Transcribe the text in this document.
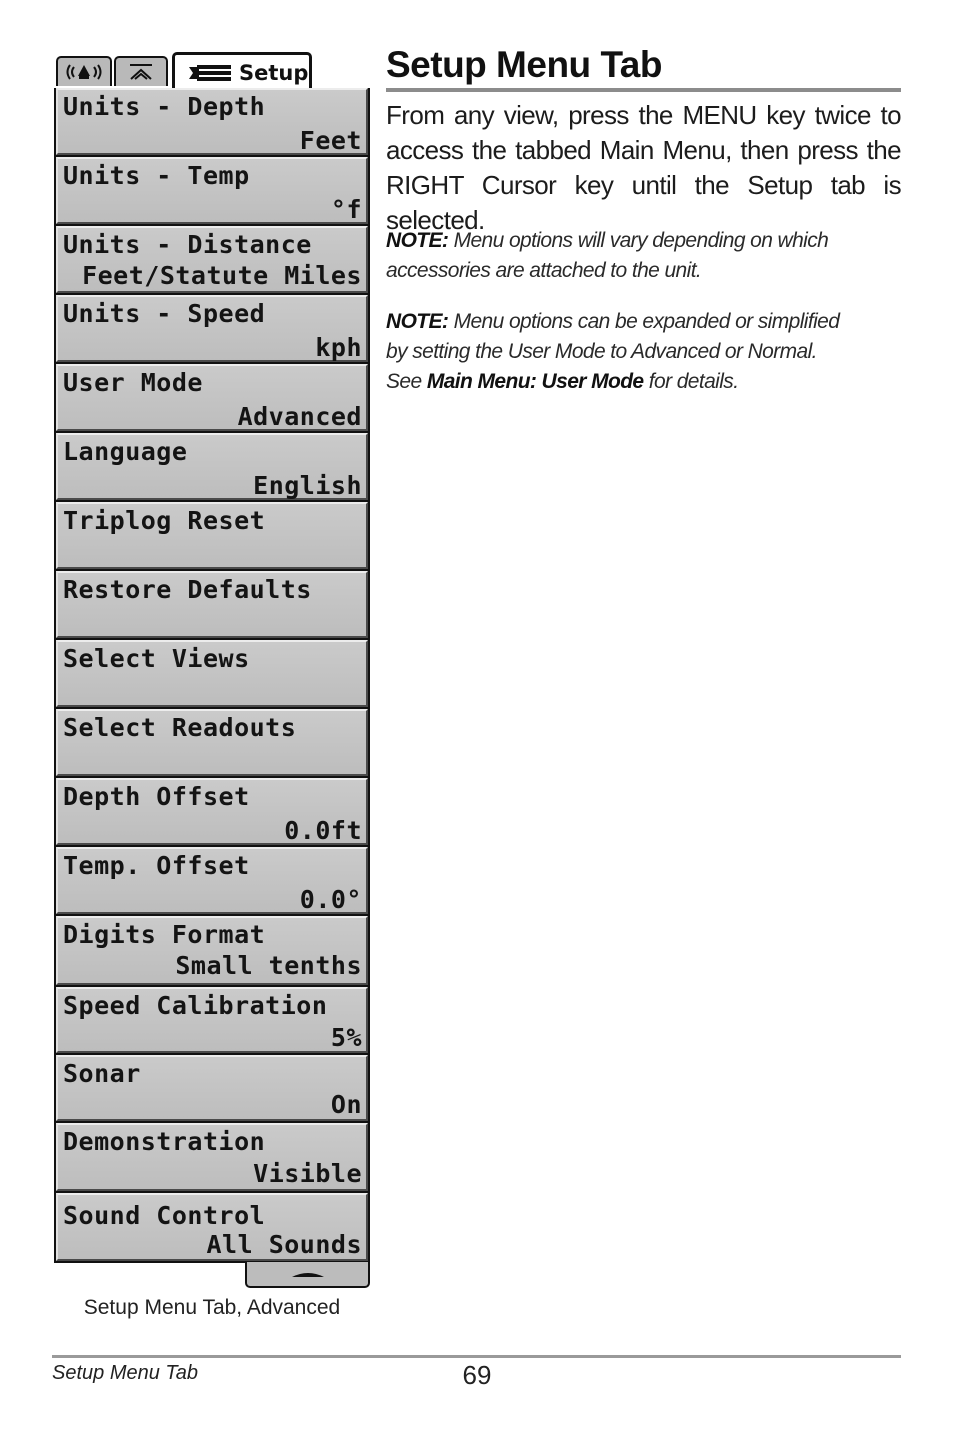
Setup
Units - Depth
Feet
Units - Temp
°f
Units - Distance
Feet/Statute Miles
Units - Speed
kph
User Mode
Advanced
Language
English
Triplog Reset
Restore Defaults
Select Views
Select Readouts
Depth Offset
0.0ft
Temp. Offset
0.0°
Digits Format
Small tenths
Speed Calibration
5%
Sonar
On
Demonstration
Visible
Sound Control
All Sounds
Setup Menu Tab, Advanced
Setup Menu Tab

From any view, press the MENU key twice to access the tabbed Main Menu, then press the RIGHT Cursor key until the Setup tab is selected.

NOTE: Menu options will vary depending on which accessories are attached to the unit.

NOTE: Menu options can be expanded or simplified by setting the User Mode to Advanced or Normal. See Main Menu: User Mode for details.

Setup Menu Tab	69
